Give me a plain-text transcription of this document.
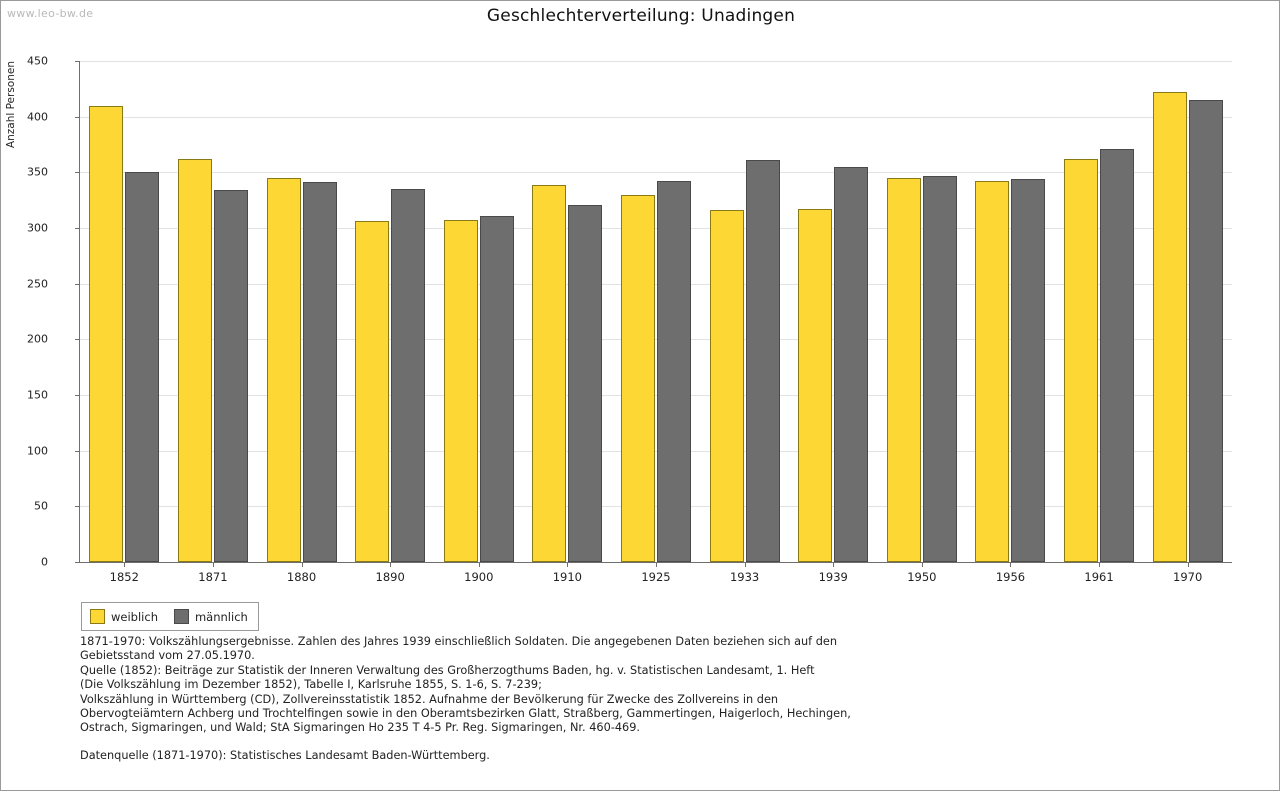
www.leo-bw.de	Geschlechterverteilung: Unadingen
Anzahl Personen
0
50
100
150
200
250
300
350
400
450
1852	1871	1880	1890	1900	1910	1925	1933	1939	1950	1956	1961	1970
weiblich	männlich

1871-1970: Volkszählungsergebnisse. Zahlen des Jahres 1939 einschließlich Soldaten. Die angegebenen Daten beziehen sich auf den

Gebietsstand vom 27.05.1970.

Quelle (1852): Beiträge zur Statistik der Inneren Verwaltung des Großherzogthums Baden, hg. v. Statistischen Landesamt, 1. Heft

(Die Volkszählung im Dezember 1852), Tabelle I, Karlsruhe 1855, S. 1-6, S. 7-239;

Volkszählung in Württemberg (CD), Zollvereinsstatistik 1852. Aufnahme der Bevölkerung für Zwecke des Zollvereins in den

Obervogteiämtern Achberg und Trochtelfingen sowie in den Oberamtsbezirken Glatt, Straßberg, Gammertingen, Haigerloch, Hechingen,

Ostrach, Sigmaringen, und Wald; StA Sigmaringen Ho 235 T 4-5 Pr. Reg. Sigmaringen, Nr. 460-469.

Datenquelle (1871-1970): Statistisches Landesamt Baden-Württemberg.
